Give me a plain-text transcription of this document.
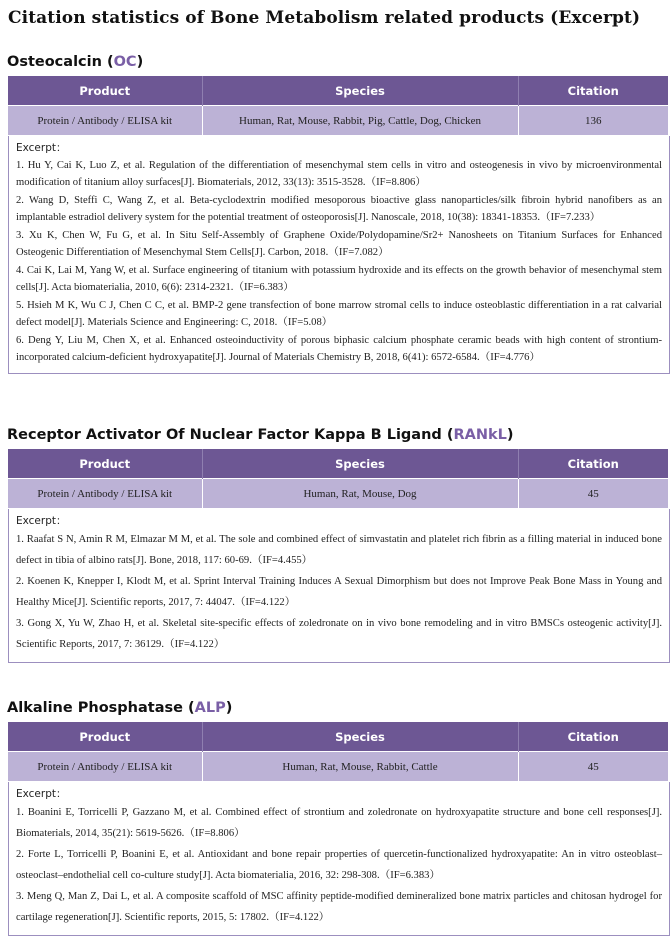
Citation statistics of Bone Metabolism related products (Excerpt)
Osteocalcin (OC)
Product	Species	Citation
Protein / Antibody / ELISA kit	Human, Rat, Mouse, Rabbit, Pig, Cattle, Dog, Chicken	136
Excerpt：

1. Hu Y, Cai K, Luo Z, et al. Regulation of the differentiation of mesenchymal stem cells in vitro and osteogenesis in vivo by microenvironmental modification of titanium alloy surfaces[J]. Biomaterials, 2012, 33(13): 3515-3528.（IF=8.806）

2. Wang D, Steffi C, Wang Z, et al. Beta-cyclodextrin modified mesoporous bioactive glass nanoparticles/silk fibroin hybrid nanofibers as an implantable estradiol delivery system for the potential treatment of osteoporosis[J]. Nanoscale, 2018, 10(38): 18341-18353.（IF=7.233）

3. Xu K, Chen W, Fu G, et al. In Situ Self-Assembly of Graphene Oxide/Polydopamine/Sr2+ Nanosheets on Titanium Surfaces for Enhanced Osteogenic Differentiation of Mesenchymal Stem Cells[J]. Carbon, 2018.（IF=7.082）

4. Cai K, Lai M, Yang W, et al. Surface engineering of titanium with potassium hydroxide and its effects on the growth behavior of mesenchymal stem cells[J]. Acta biomaterialia, 2010, 6(6): 2314-2321.（IF=6.383）

5. Hsieh M K, Wu C J, Chen C C, et al. BMP-2 gene transfection of bone marrow stromal cells to induce osteoblastic differentiation in a rat calvarial defect model[J]. Materials Science and Engineering: C, 2018.（IF=5.08）

6. Deng Y, Liu M, Chen X, et al. Enhanced osteoinductivity of porous biphasic calcium phosphate ceramic beads with high content of strontium-incorporated calcium-deficient hydroxyapatite[J]. Journal of Materials Chemistry B, 2018, 6(41): 6572-6584.（IF=4.776）

Receptor Activator Of Nuclear Factor Kappa B Ligand (RANkL)
Product	Species	Citation
Protein / Antibody / ELISA kit	Human, Rat, Mouse, Dog	45
Excerpt：

1. Raafat S N, Amin R M, Elmazar M M, et al. The sole and combined effect of simvastatin and platelet rich fibrin as a filling material in induced bone defect in tibia of albino rats[J]. Bone, 2018, 117: 60-69.（IF=4.455）

2. Koenen K, Knepper I, Klodt M, et al. Sprint Interval Training Induces A Sexual Dimorphism but does not Improve Peak Bone Mass in Young and Healthy Mice[J]. Scientific reports, 2017, 7: 44047.（IF=4.122）

3. Gong X, Yu W, Zhao H, et al. Skeletal site-specific effects of zoledronate on in vivo bone remodeling and in vitro BMSCs osteogenic activity[J]. Scientific Reports, 2017, 7: 36129.（IF=4.122）

Alkaline Phosphatase (ALP)
Product	Species	Citation
Protein / Antibody / ELISA kit	Human, Rat, Mouse, Rabbit, Cattle	45
Excerpt：

1. Boanini E, Torricelli P, Gazzano M, et al. Combined effect of strontium and zoledronate on hydroxyapatite structure and bone cell responses[J]. Biomaterials, 2014, 35(21): 5619-5626.（IF=8.806）

2. Forte L, Torricelli P, Boanini E, et al. Antioxidant and bone repair properties of quercetin-functionalized hydroxyapatite: An in vitro osteoblast–osteoclast–endothelial cell co-culture study[J]. Acta biomaterialia, 2016, 32: 298-308.（IF=6.383）

3. Meng Q, Man Z, Dai L, et al. A composite scaffold of MSC affinity peptide-modified demineralized bone matrix particles and chitosan hydrogel for cartilage regeneration[J]. Scientific reports, 2015, 5: 17802.（IF=4.122）
